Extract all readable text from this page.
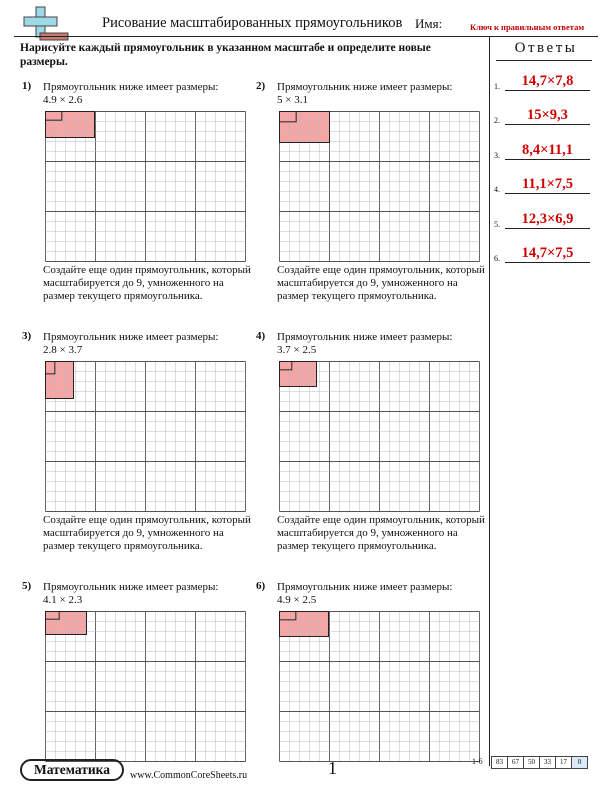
Рисование масштабированных прямоугольников Имя:	Ключ к правильным ответам
Нарисуйте каждый прямоугольник в указанном масштабе и определите новые размеры.
Ответы
1.	14,7×7,8
2.	15×9,3
3.	8,4×11,1
4.	11,1×7,5
5.	12,3×6,9
6.	14,7×7,5
1) Прямоугольник ниже имеет размеры:
4.9 × 2.6
Создайте еще один прямоугольник, который масштабируется до 9, умноженного на размер текущего прямоугольника.
2) Прямоугольник ниже имеет размеры:
5 × 3.1
Создайте еще один прямоугольник, который масштабируется до 9, умноженного на размер текущего прямоугольника.
3) Прямоугольник ниже имеет размеры:
2.8 × 3.7
Создайте еще один прямоугольник, который масштабируется до 9, умноженного на размер текущего прямоугольника.
4) Прямоугольник ниже имеет размеры:
3.7 × 2.5
Создайте еще один прямоугольник, который масштабируется до 9, умноженного на размер текущего прямоугольника.
5) Прямоугольник ниже имеет размеры:
4.1 × 2.3
6) Прямоугольник ниже имеет размеры:
4.9 × 2.5
Математика	www.CommonCoreSheets.ru	1	1-6	83	67	50	33	17	0
